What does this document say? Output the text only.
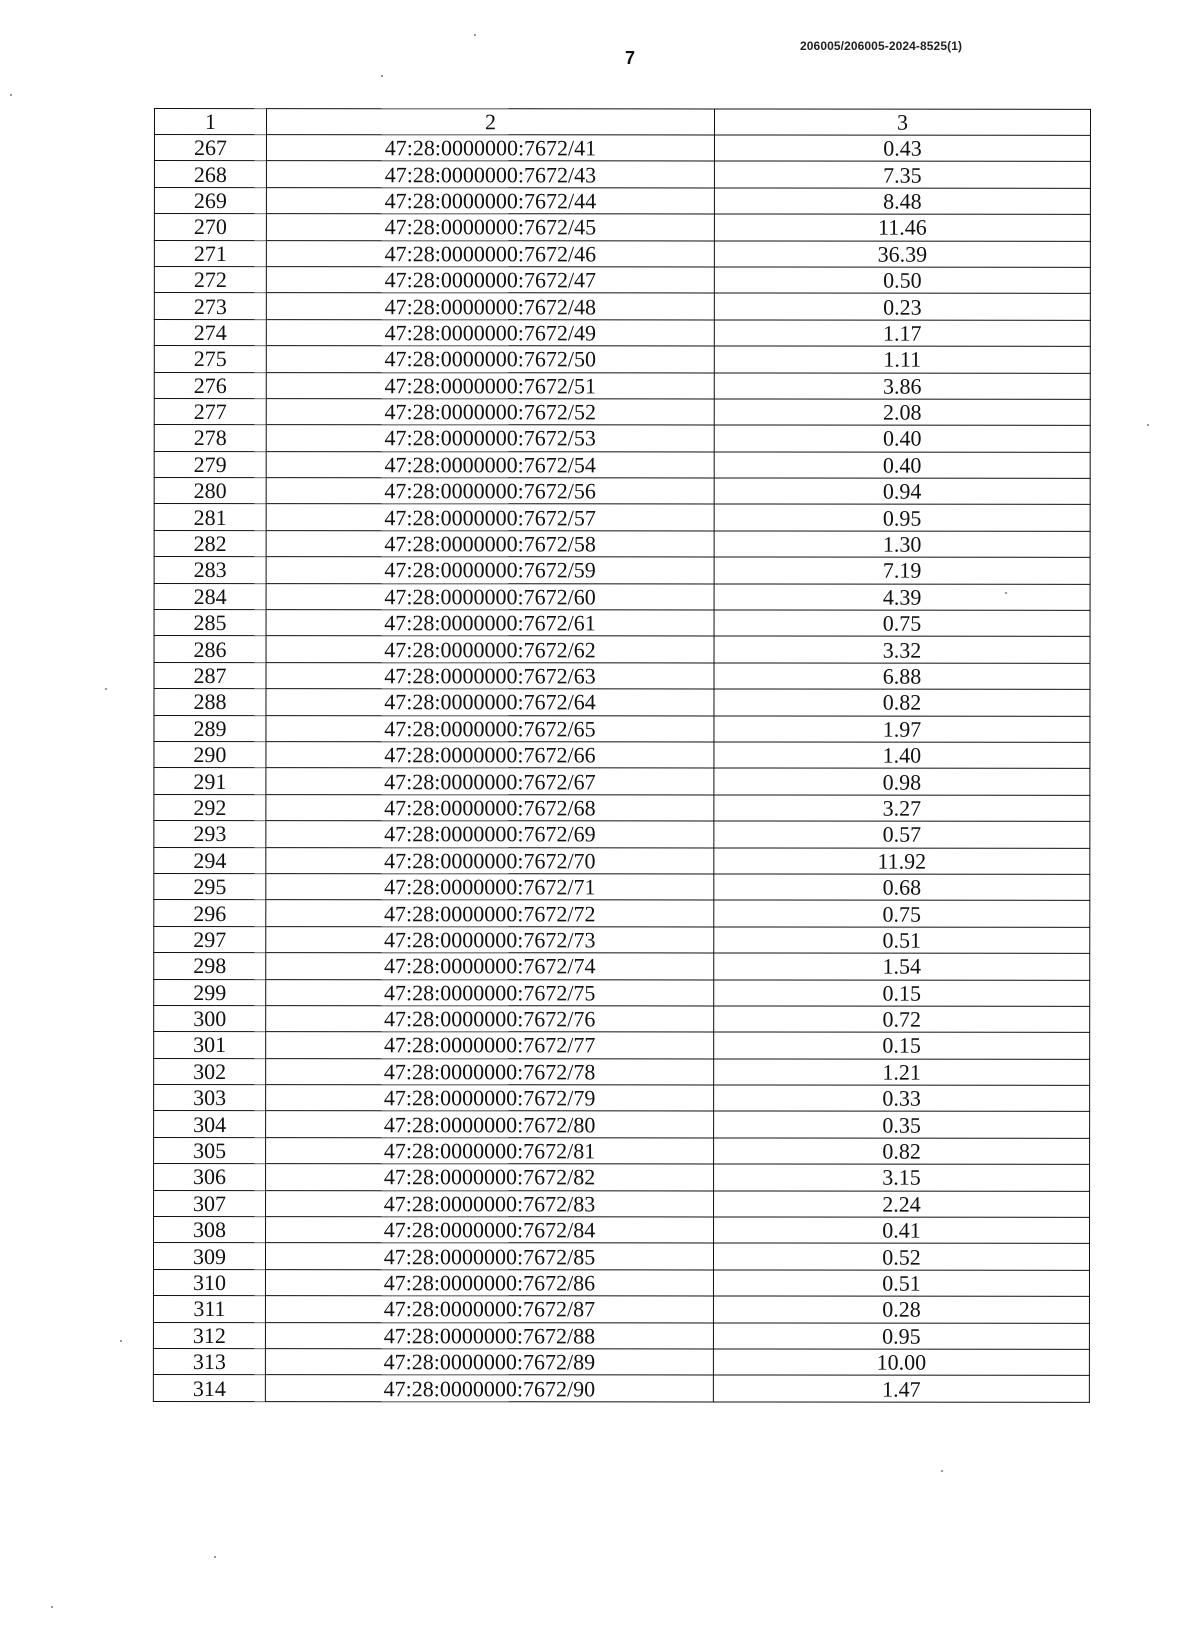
7
206005/206005-2024-8525(1)
1	2	3
267	47:28:0000000:7672/41	0.43
268	47:28:0000000:7672/43	7.35
269	47:28:0000000:7672/44	8.48
270	47:28:0000000:7672/45	11.46
271	47:28:0000000:7672/46	36.39
272	47:28:0000000:7672/47	0.50
273	47:28:0000000:7672/48	0.23
274	47:28:0000000:7672/49	1.17
275	47:28:0000000:7672/50	1.11
276	47:28:0000000:7672/51	3.86
277	47:28:0000000:7672/52	2.08
278	47:28:0000000:7672/53	0.40
279	47:28:0000000:7672/54	0.40
280	47:28:0000000:7672/56	0.94
281	47:28:0000000:7672/57	0.95
282	47:28:0000000:7672/58	1.30
283	47:28:0000000:7672/59	7.19
284	47:28:0000000:7672/60	4.39
285	47:28:0000000:7672/61	0.75
286	47:28:0000000:7672/62	3.32
287	47:28:0000000:7672/63	6.88
288	47:28:0000000:7672/64	0.82
289	47:28:0000000:7672/65	1.97
290	47:28:0000000:7672/66	1.40
291	47:28:0000000:7672/67	0.98
292	47:28:0000000:7672/68	3.27
293	47:28:0000000:7672/69	0.57
294	47:28:0000000:7672/70	11.92
295	47:28:0000000:7672/71	0.68
296	47:28:0000000:7672/72	0.75
297	47:28:0000000:7672/73	0.51
298	47:28:0000000:7672/74	1.54
299	47:28:0000000:7672/75	0.15
300	47:28:0000000:7672/76	0.72
301	47:28:0000000:7672/77	0.15
302	47:28:0000000:7672/78	1.21
303	47:28:0000000:7672/79	0.33
304	47:28:0000000:7672/80	0.35
305	47:28:0000000:7672/81	0.82
306	47:28:0000000:7672/82	3.15
307	47:28:0000000:7672/83	2.24
308	47:28:0000000:7672/84	0.41
309	47:28:0000000:7672/85	0.52
310	47:28:0000000:7672/86	0.51
311	47:28:0000000:7672/87	0.28
312	47:28:0000000:7672/88	0.95
313	47:28:0000000:7672/89	10.00
314	47:28:0000000:7672/90	1.47
